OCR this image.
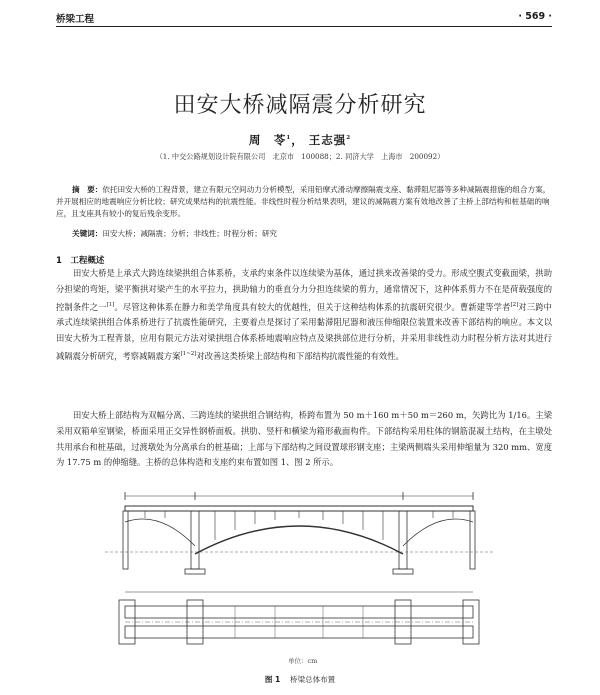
桥梁工程	· 569 ·
田安大桥减隔震分析研究
周　苓$^1$， 王志强$^2$
（1. 中交公路规划设计院有限公司　北京市　100088；2. 同济大学　上海市　200092）
摘　要：依托田安大桥的工程背景，建立有限元空间动力分析模型，采用铅摩式滑动摩擦隔震支座、黏滞阻尼器等多种减隔震措施的组合方案，并开展相应的地震响应分析比较；研究成果结构的抗震性能。非线性时程分析结果表明，建议的减隔震方案有效地改善了主桥上部结构和桩基础的响应，且支座具有较小的复后残余变形。
关键词：田安大桥；减隔震；分析；非线性；时程分析；研究
1　工程概述
田安大桥是上承式大跨连续梁拱组合体系桥，支承约束条件以连续梁为基体，通过拱来改善梁的受力。形成空腹式变截面梁，拱助分担梁的弯矩，梁平衡拱对梁产生的水平拉力，拱助轴力的垂直分力分担连续梁的剪力，通常情况下，这种体系剪力不在是荷载强度的控制条件之一[1]。尽管这种体系在静力和美学角度具有较大的优越性，但关于这种结构体系的抗震研究很少。曹新建等学者[2]对三跨中承式连续梁拱组合体系桥进行了抗震性能研究，主要着点是探讨了采用黏滞阻尼器和液压伸缩限位装置来改善下部结构的响应。本文以田安大桥为工程背景，应用有限元方法对梁拱组合体系桥地震响应特点及梁拱部位进行分析，并采用非线性动力时程分析方法对其进行减隔震分析研究，考察减隔震方案[1~2]对改善这类桥梁上部结构和下部结构抗震性能的有效性。
田安大桥上部结构为双幅分离、三跨连续的梁拱组合钢结构，桥跨布置为 50 m＋160 m＋50 m＝260 m，矢跨比为 1/16。主梁采用双箱单室钢梁，桥面采用正交异性钢桥面板。拱肋、竖杆和横梁为箱形截面构件。下部结构采用柱体的钢筋混凝土结构，在主墩处共用承台和桩基础，过渡墩处为分离承台的桩基础；上部与下部结构之间设置球形钢支座；主梁两侧端头采用伸缩量为 320 mm、宽度为 17.75 m 的伸缩缝。主桥的总体构造和支座约束布置如图 1、图 2 所示。
单位：cm
图 1 桥梁总体布置
